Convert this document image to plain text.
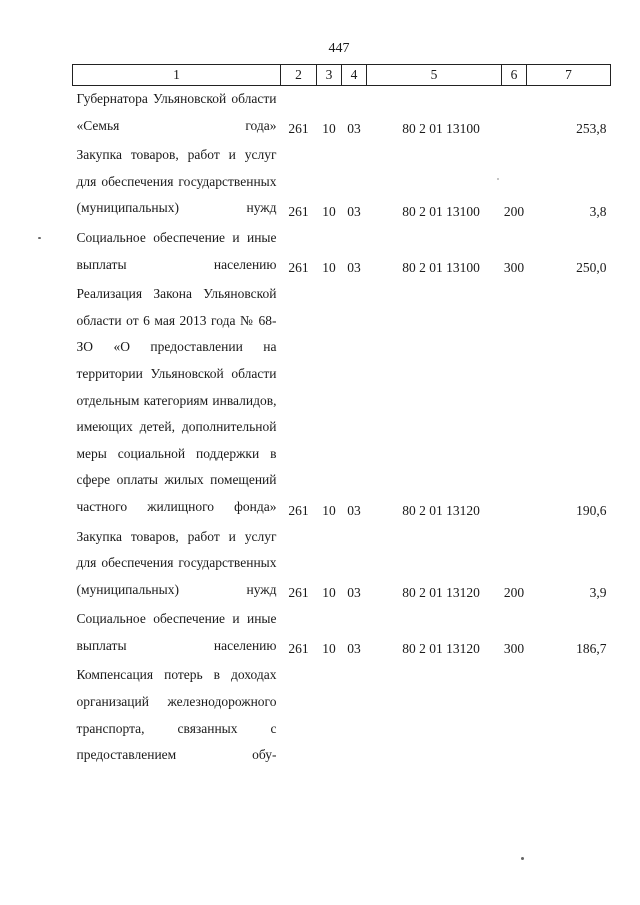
447
1	2	3	4	5	6	7
Губернатора Ульяновской области «Семья года»	261	10	03	80 2 01 13100		253,8
Закупка товаров, работ и услуг для обеспечения государственных (муниципальных) нужд	261	10	03	80 2 01 13100	200	3,8
Социальное обеспечение и иные выплаты населению	261	10	03	80 2 01 13100	300	250,0
Реализация Закона Ульяновской области от 6 мая 2013 года № 68-ЗО «О предоставлении на территории Ульяновской области отдельным категориям инвалидов, имеющих детей, дополнительной меры социальной поддержки в сфере оплаты жилых помещений частного жилищного фонда»	261	10	03	80 2 01 13120		190,6
Закупка товаров, работ и услуг для обеспечения государственных (муниципальных) нужд	261	10	03	80 2 01 13120	200	3,9
Социальное обеспечение и иные выплаты населению	261	10	03	80 2 01 13120	300	186,7
Компенсация потерь в доходах организаций железнодорожного транспорта, связанных с предоставлением обу-						
